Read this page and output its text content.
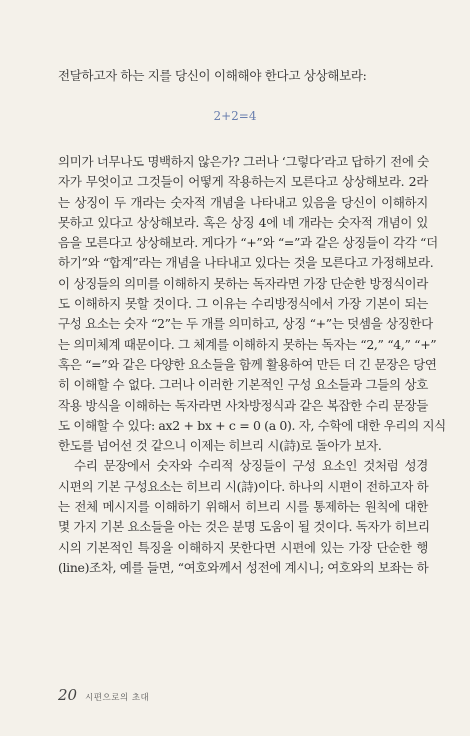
전달하고자 하는 지를 당신이 이해해야 한다고 상상해보라:
2+2=4
의미가 너무나도 명백하지 않은가? 그러나 ‘그렇다’라고 답하기 전에 숫
자가 무엇이고 그것들이 어떻게 작용하는지 모른다고 상상해보라. 2라
는 상징이 두 개라는 숫자적 개념을 나타내고 있음을 당신이 이해하지
못하고 있다고 상상해보라. 혹은 상징 4에 네 개라는 숫자적 개념이 있
음을 모른다고 상상해보라. 게다가 “+”와 “=”과 같은 상징들이 각각 “더
하기”와 “합계”라는 개념을 나타내고 있다는 것을 모른다고 가정해보라.
이 상징들의 의미를 이해하지 못하는 독자라면 가장 단순한 방정식이라
도 이해하지 못할 것이다. 그 이유는 수리방정식에서 가장 기본이 되는
구성 요소는 숫자 “2”는 두 개를 의미하고, 상징 “+”는 덧셈을 상징한다
는 의미체계 때문이다. 그 체계를 이해하지 못하는 독자는 “2,” “4,” “+”
혹은 “=”와 같은 다양한 요소들을 함께 활용하여 만든 더 긴 문장은 당연
히 이해할 수 없다. 그러나 이러한 기본적인 구성 요소들과 그들의 상호
작용 방식을 이해하는 독자라면 사차방정식과 같은 복잡한 수리 문장들
도 이해할 수 있다: ax2 + bx + c = 0 (a 0). 자, 수학에 대한 우리의 지식
한도를 넘어선 것 같으니 이제는 히브리 시(詩)로 돌아가 보자.
수리 문장에서 숫자와 수리적 상징들이 구성 요소인 것처럼 성경
시편의 기본 구성요소는 히브리 시(詩)이다. 하나의 시편이 전하고자 하
는 전체 메시지를 이해하기 위해서 히브리 시를 통제하는 원칙에 대한
몇 가지 기본 요소들을 아는 것은 분명 도움이 될 것이다. 독자가 히브리
시의 기본적인 특징을 이해하지 못한다면 시편에 있는 가장 단순한 행
(line)조차, 예를 들면, “여호와께서 성전에 계시니; 여호와의 보좌는 하
20 시편으로의 초대
